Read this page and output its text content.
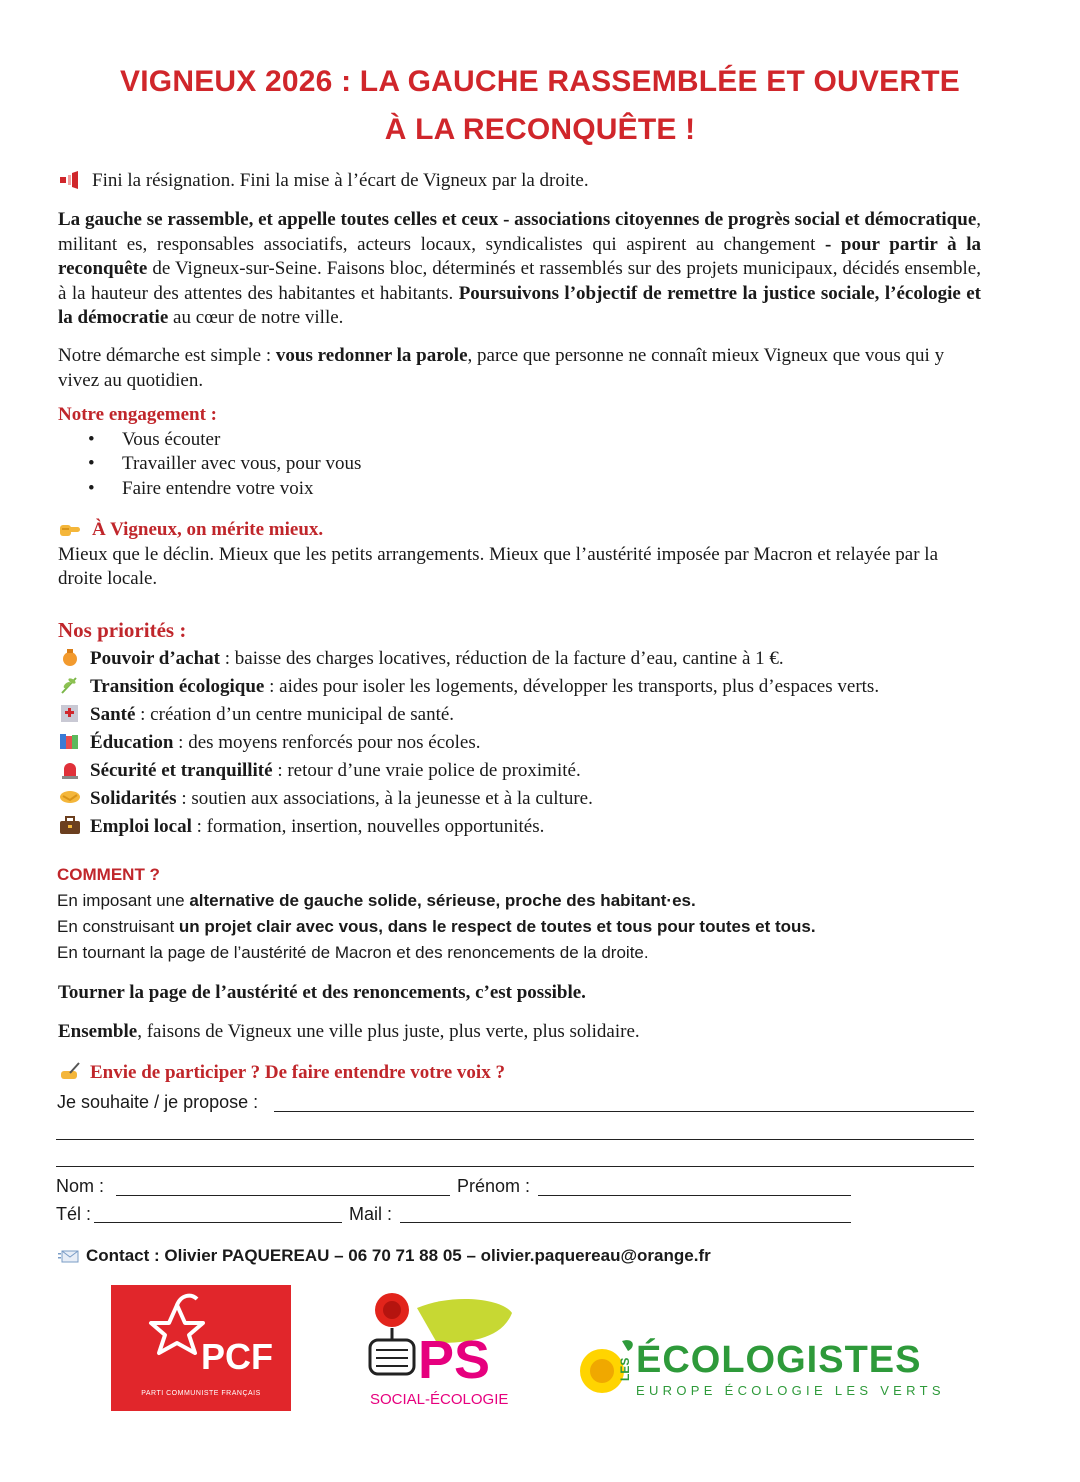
VIGNEUX 2026 : LA GAUCHE RASSEMBLÉE ET OUVERTE
À LA RECONQUÊTE !
Fini la résignation. Fini la mise à l’écart de Vigneux par la droite.
La gauche se rassemble, et appelle toutes celles et ceux - associations citoyennes de progrès social et démocratique, militant es, responsables associatifs, acteurs locaux, syndicalistes qui aspirent au changement - pour partir à la reconquête de Vigneux-sur-Seine. Faisons bloc, déterminés et rassemblés sur des projets municipaux, décidés ensemble, à la hauteur des attentes des habitantes et habitants. Poursuivons l’objectif de remettre la justice sociale, l’écologie et la démocratie au cœur de notre ville.
Notre démarche est simple : vous redonner la parole, parce que personne ne connaît mieux Vigneux que vous qui y vivez au quotidien.
Notre engagement :
• Vous écouter
• Travailler avec vous, pour vous
• Faire entendre votre voix
À Vigneux, on mérite mieux.
Mieux que le déclin. Mieux que les petits arrangements. Mieux que l’austérité imposée par Macron et relayée par la droite locale.
Nos priorités :
Pouvoir d’achat : baisse des charges locatives, réduction de la facture d’eau, cantine à 1 €.
Transition écologique : aides pour isoler les logements, développer les transports, plus d’espaces verts.
Santé : création d’un centre municipal de santé.
Éducation : des moyens renforcés pour nos écoles.
Sécurité et tranquillité : retour d’une vraie police de proximité.
Solidarités : soutien aux associations, à la jeunesse et à la culture.
Emploi local : formation, insertion, nouvelles opportunités.
COMMENT ?
En imposant une alternative de gauche solide, sérieuse, proche des habitant·es.
En construisant un projet clair avec vous, dans le respect de toutes et tous pour toutes et tous.
En tournant la page de l’austérité de Macron et des renoncements de la droite.
Tourner la page de l’austérité et des renoncements, c’est possible.
Ensemble, faisons de Vigneux une ville plus juste, plus verte, plus solidaire.
Envie de participer ? De faire entendre votre voix ?
Je souhaite / je propose :
Nom :	Prénom :
Tél :	Mail :
Contact : Olivier PAQUEREAU – 06 70 71 88 05 – olivier.paquereau@orange.fr
PCF
PARTI COMMUNISTE FRANÇAIS
PS
SOCIAL-ÉCOLOGIE
LES ÉCOLOGISTES
EUROPE ÉCOLOGIE LES VERTS
